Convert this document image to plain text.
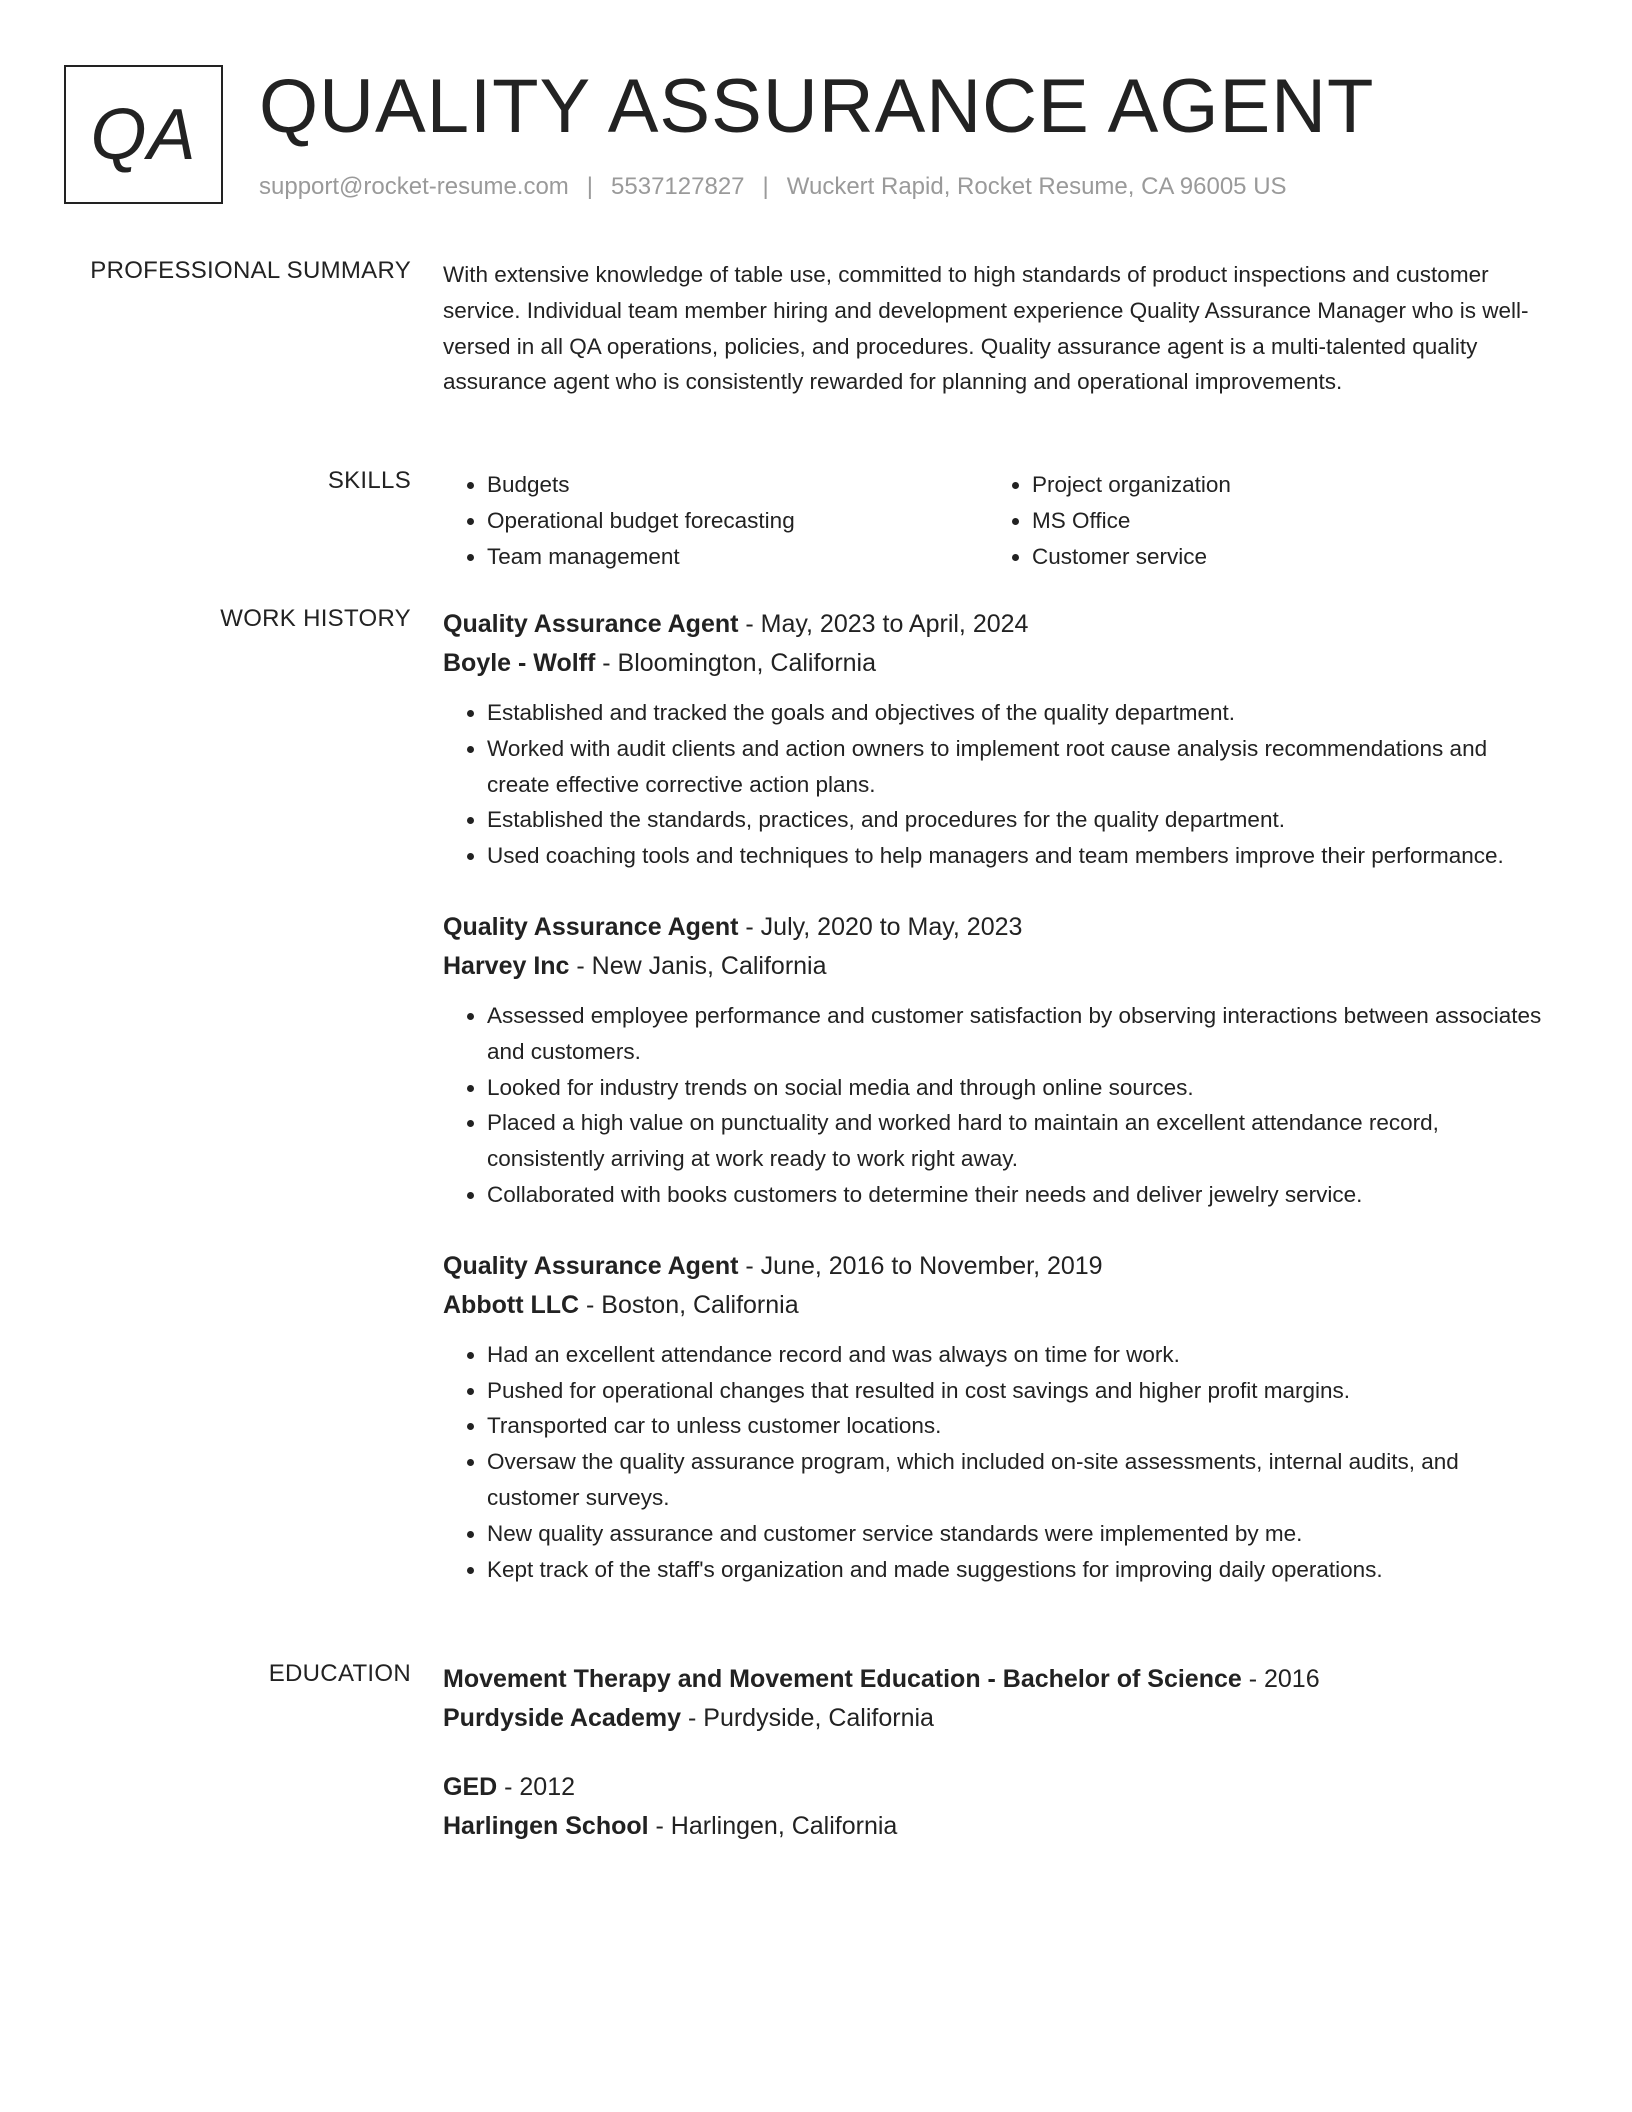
QA QUALITY ASSURANCE AGENT
support@rocket-resume.com | 5537127827 | Wuckert Rapid, Rocket Resume, CA 96005 US
PROFESSIONAL SUMMARY With extensive knowledge of table use, committed to high standards of product inspections and customer service. Individual team member hiring and development experience Quality Assurance Manager who is well-versed in all QA operations, policies, and procedures. Quality assurance agent is a multi-talented quality assurance agent who is consistently rewarded for planning and operational improvements.

SKILLS
•	Budgets
• Operational budget forecasting
• Team management
• Project organization
• MS Office
• Customer service
WORK HISTORY Quality Assurance Agent - May, 2023 to April, 2024
Boyle - Wolff - Bloomington, California
• Established and tracked the goals and objectives of the quality department.
• Worked with audit clients and action owners to implement root cause analysis recommendations and create effective corrective action plans.
• Established the standards, practices, and procedures for the quality department.
• Used coaching tools and techniques to help managers and team members improve their performance.
Quality Assurance Agent - July, 2020 to May, 2023
Harvey Inc - New Janis, California
• Assessed employee performance and customer satisfaction by observing interactions between associates and customers.
• Looked for industry trends on social media and through online sources.
• Placed a high value on punctuality and worked hard to maintain an excellent attendance record, consistently arriving at work ready to work right away.
• Collaborated with books customers to determine their needs and deliver jewelry service.
Quality Assurance Agent - June, 2016 to November, 2019
Abbott LLC - Boston, California
• Had an excellent attendance record and was always on time for work.
• Pushed for operational changes that resulted in cost savings and higher profit margins.
• Transported car to unless customer locations.
• Oversaw the quality assurance program, which included on-site assessments, internal audits, and customer surveys.
• New quality assurance and customer service standards were implemented by me.
• Kept track of the staff's organization and made suggestions for improving daily operations.
EDUCATION Movement Therapy and Movement Education - Bachelor of Science - 2016
Purdyside Academy - Purdyside, California
GED - 2012
Harlingen School - Harlingen, California
